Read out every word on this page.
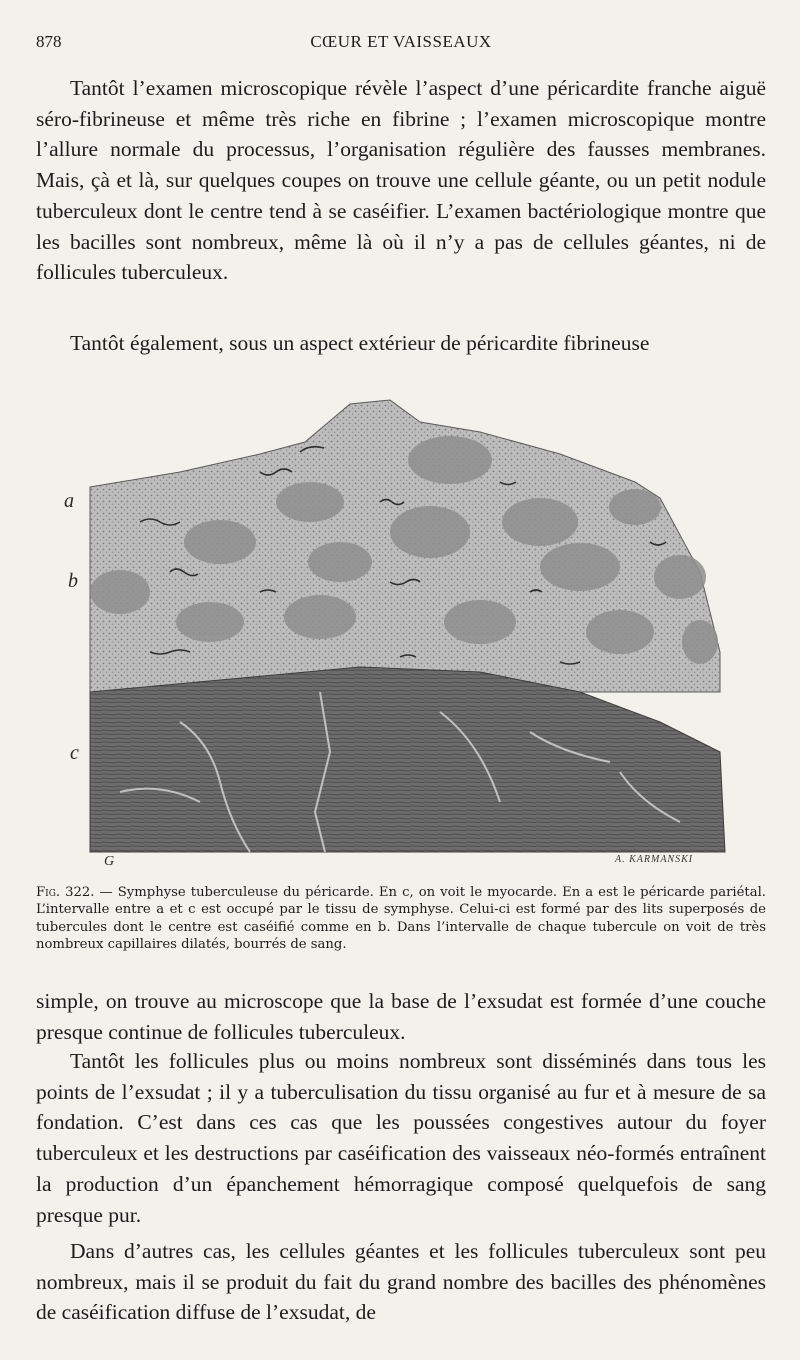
878	CŒUR ET VAISSEAUX

Tantôt l’examen microscopique révèle l’aspect d’une péricardite franche aiguë séro-fibrineuse et même très riche en fibrine ; l’examen microscopique montre l’allure normale du processus, l’organisation régulière des fausses membranes. Mais, çà et là, sur quelques coupes on trouve une cellule géante, ou un petit nodule tuberculeux dont le centre tend à se caséifier. L’examen bactériologique montre que les bacilles sont nombreux, même là où il n’y a pas de cellules géantes, ni de follicules tuberculeux.

Tantôt également, sous un aspect extérieur de péricardite fibrineuse

a
b
c
G	A. KARMANSKI
Fig. 322. — Symphyse tuberculeuse du péricarde. En c, on voit le myocarde. En a est le péricarde pariétal. L’intervalle entre a et c est occupé par le tissu de symphyse. Celui-ci est formé par des lits superposés de tubercules dont le centre est caséifié comme en b. Dans l’intervalle de chaque tubercule on voit de très nombreux capillaires dilatés, bourrés de sang.

simple, on trouve au microscope que la base de l’exsudat est formée d’une couche presque continue de follicules tuberculeux.

Tantôt les follicules plus ou moins nombreux sont disséminés dans tous les points de l’exsudat ; il y a tuberculisation du tissu organisé au fur et à mesure de sa fondation. C’est dans ces cas que les poussées congestives autour du foyer tuberculeux et les destructions par caséification des vaisseaux néo-formés entraînent la production d’un épanchement hémorragique composé quelquefois de sang presque pur.

Dans d’autres cas, les cellules géantes et les follicules tuberculeux sont peu nombreux, mais il se produit du fait du grand nombre des bacilles des phénomènes de caséification diffuse de l’exsudat, de
